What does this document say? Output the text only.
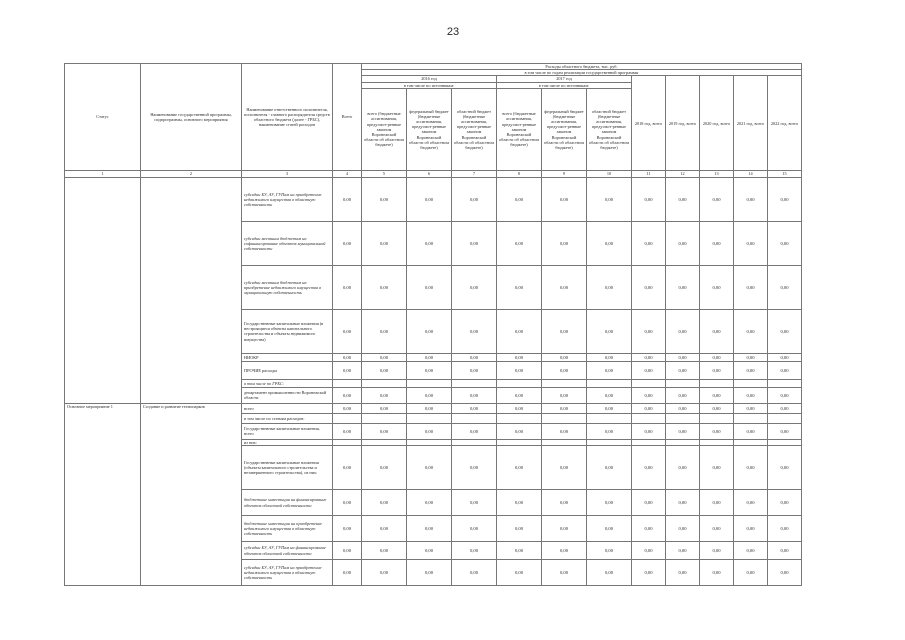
23
Статус	Наименование государственной программы, подпрограммы, основного мероприятия	Наименование ответственного исполнителя, исполнителя - главного распорядителя средств областного бюджета (далее - ГРБС), наименование статей расходов	Всего	Расходы областного бюджета, тыс. руб.										
				в том числе по годам реализации государственной программы										
				2016 год			2017 год			2018 год, всего	2019 год, всего	2020 год, всего	2021 год, всего	2022 год, всего
				в том числе по источникам:			в том числе по источникам:							
				всего (бюджетные ассигнования, предусмот-ренные законом Воронежской области об областном бюджете)	федеральный бюджет (бюджетные ассигнования, предусмот-ренные законом Воронежской области об областном бюджете)	областной бюджет (бюджетные ассигнования, предусмот-ренные законом Воронежской области об областном бюджете)	всего (бюджетные ассигнования, предусмот-ренные законом Воронежской области об областном бюджете)	федеральный бюджет (бюджетные ассигнования, предусмот-ренные законом Воронежской области об областном бюджете)	областной бюджет (бюджетные ассигнования, предусмот-ренные законом Воронежской области об областном бюджете)					
1	2	3	4	5	6	7	8	9	10	11	12	13	14	15
		субсидии БУ, АУ, ГУПам на приобретение недвижимого имущества в областную собственность	0,00	0,00	0,00	0,00	0,00	0,00	0,00	0,00	0,00	0,00	0,00	0,00
		субсидии местным бюджетам на софинансирование объектов муниципальной собственности	0,00	0,00	0,00	0,00	0,00	0,00	0,00	0,00	0,00	0,00	0,00	0,00
		субсидии местным бюджетам на приобретение недвижимого имущества в муниципальную собственность	0,00	0,00	0,00	0,00	0,00	0,00	0,00	0,00	0,00	0,00	0,00	0,00
		Государственные капитальные вложения (в нестроящиеся объекты капитального строительства и объекты недвижимого имущества)	0,00	0,00	0,00	0,00	0,00	0,00	0,00	0,00	0,00	0,00	0,00	0,00
		НИОКР	0,00	0,00	0,00	0,00	0,00	0,00	0,00	0,00	0,00	0,00	0,00	0,00
		ПРОЧИЕ расходы	0,00	0,00	0,00	0,00	0,00	0,00	0,00	0,00	0,00	0,00	0,00	0,00
		в том числе по ГРБС:												
		департамент промышленности Воронежской области	0,00	0,00	0,00	0,00	0,00	0,00	0,00	0,00	0,00	0,00	0,00	0,00
Основное мероприятие 1	Создание и развитие технопарков	всего	0,00	0,00	0,00	0,00	0,00	0,00	0,00	0,00	0,00	0,00	0,00	0,00
		в том числе по статьям расходов:												
		Государственные капитальные вложения, всего	0,00	0,00	0,00	0,00	0,00	0,00	0,00	0,00	0,00	0,00	0,00	0,00
		из них:												
		Государственные капитальные вложения (объекты капитального строительства и незавершенного строительства), из них:	0,00	0,00	0,00	0,00	0,00	0,00	0,00	0,00	0,00	0,00	0,00	0,00
		бюджетные инвестиции на финансирование объектов областной собственности	0,00	0,00	0,00	0,00	0,00	0,00	0,00	0,00	0,00	0,00	0,00	0,00
		бюджетные инвестиции на приобретение недвижимого имущества в областную собственность	0,00	0,00	0,00	0,00	0,00	0,00	0,00	0,00	0,00	0,00	0,00	0,00
		субсидии БУ, АУ, ГУПам на финансирование объектов областной собственности	0,00	0,00	0,00	0,00	0,00	0,00	0,00	0,00	0,00	0,00	0,00	0,00
		субсидии БУ, АУ, ГУПам на приобретение недвижимого имущества в областную собственность	0,00	0,00	0,00	0,00	0,00	0,00	0,00	0,00	0,00	0,00	0,00	0,00
